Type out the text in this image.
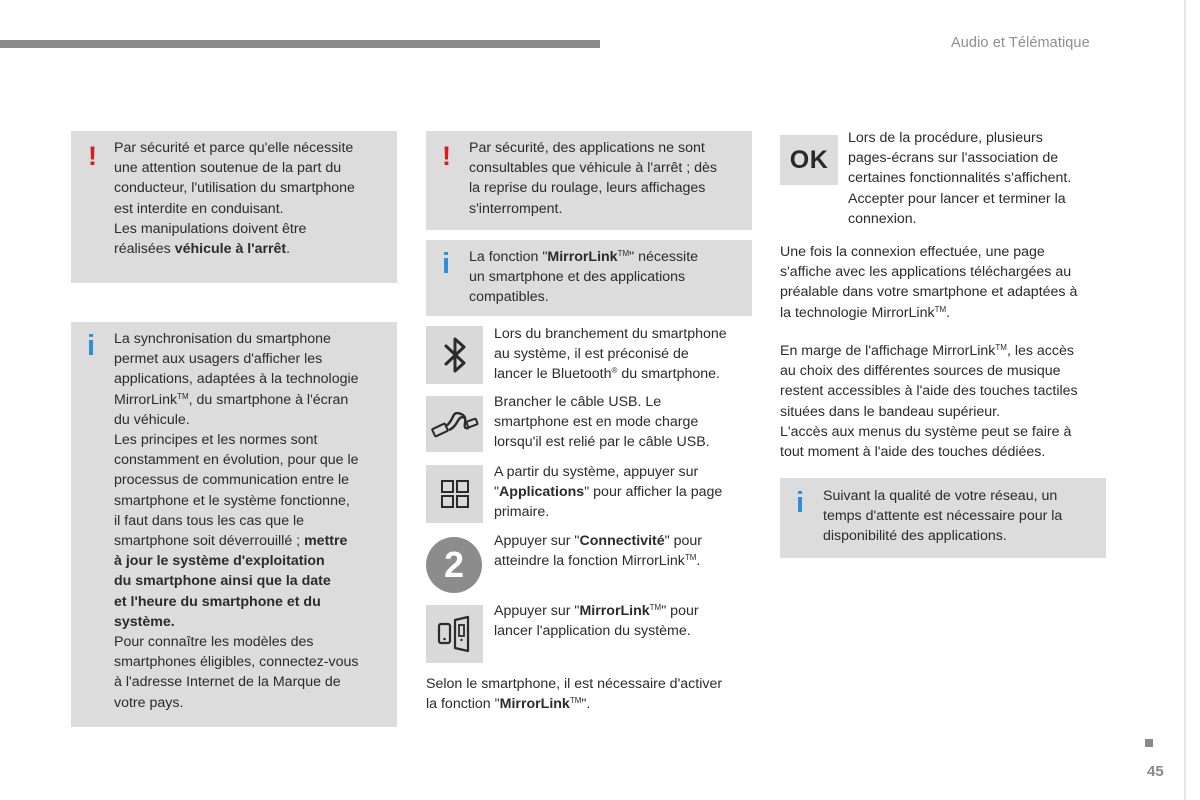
Audio et Télématique
! Par sécurité et parce qu'elle nécessite
une attention soutenue de la part du
conducteur, l'utilisation du smartphone
est interdite en conduisant.
Les manipulations doivent être
réalisées véhicule à l'arrêt.
i La synchronisation du smartphone
permet aux usagers d'afficher les
applications, adaptées à la technologie
MirrorLink™, du smartphone à l'écran
du véhicule.
Les principes et les normes sont
constamment en évolution, pour que le
processus de communication entre le
smartphone et le système fonctionne,
il faut dans tous les cas que le
smartphone soit déverrouillé ; mettre
à jour le système d'exploitation
du smartphone ainsi que la date
et l'heure du smartphone et du
système.
Pour connaître les modèles des
smartphones éligibles, connectez-vous
à l'adresse Internet de la Marque de
votre pays.
! Par sécurité, des applications ne sont
consultables que véhicule à l'arrêt ; dès
la reprise du roulage, leurs affichages
s'interrompent.
i La fonction "MirrorLink™" nécessite
un smartphone et des applications
compatibles.
Lors du branchement du smartphone
au système, il est préconisé de
lancer le Bluetooth® du smartphone.
Brancher le câble USB. Le
smartphone est en mode charge
lorsqu'il est relié par le câble USB.
A partir du système, appuyer sur
"Applications" pour afficher la page
primaire.
2
Appuyer sur "Connectivité" pour
atteindre la fonction MirrorLink™.
Appuyer sur "MirrorLink™" pour
lancer l'application du système.
Selon le smartphone, il est nécessaire d'activer
la fonction "MirrorLink™".
OK
Lors de la procédure, plusieurs
pages-écrans sur l'association de
certaines fonctionnalités s'affichent.
Accepter pour lancer et terminer la
connexion.
Une fois la connexion effectuée, une page
s'affiche avec les applications téléchargées au
préalable dans votre smartphone et adaptées à
la technologie MirrorLink™.
En marge de l'affichage MirrorLink™, les accès
au choix des différentes sources de musique
restent accessibles à l'aide des touches tactiles
situées dans le bandeau supérieur.
L'accès aux menus du système peut se faire à
tout moment à l'aide des touches dédiées.
i Suivant la qualité de votre réseau, un
temps d'attente est nécessaire pour la
disponibilité des applications.
45
